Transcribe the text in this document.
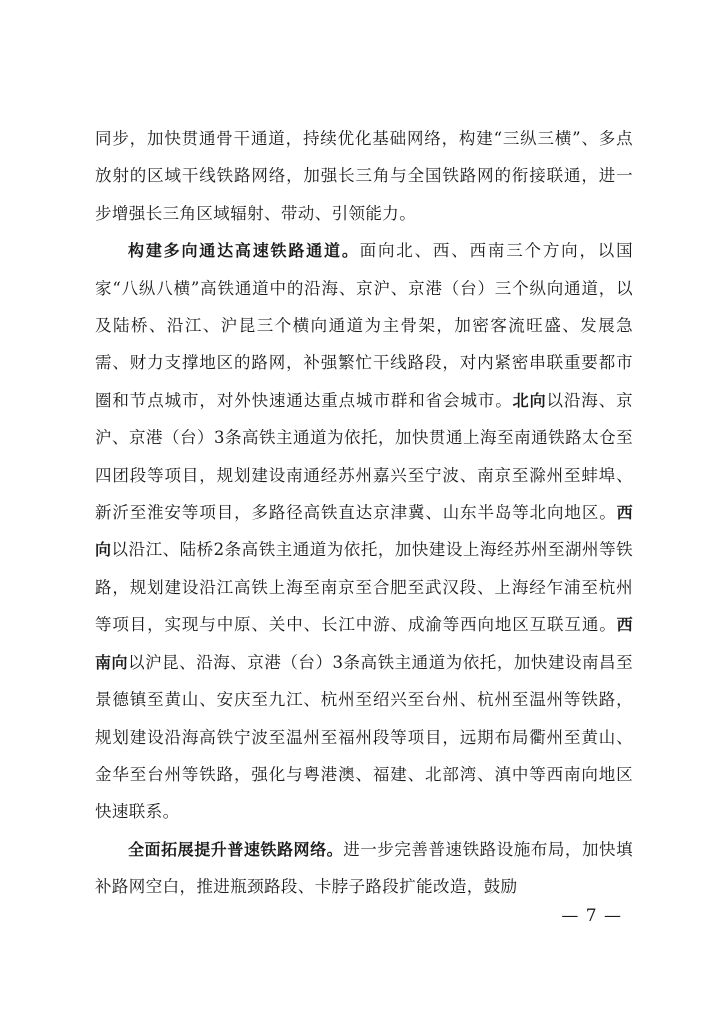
同步，加快贯通骨干通道，持续优化基础网络，构建“三纵三横”、多点放射的区域干线铁路网络，加强长三角与全国铁路网的衔接联通，进一步增强长三角区域辐射、带动、引领能力。

构建多向通达高速铁路通道。面向北、西、西南三个方向，以国家“八纵八横”高铁通道中的沿海、京沪、京港（台）三个纵向通道，以及陆桥、沿江、沪昆三个横向通道为主骨架，加密客流旺盛、发展急需、财力支撑地区的路网，补强繁忙干线路段，对内紧密串联重要都市圈和节点城市，对外快速通达重点城市群和省会城市。北向以沿海、京沪、京港（台）3条高铁主通道为依托，加快贯通上海至南通铁路太仓至四团段等项目，规划建设南通经苏州嘉兴至宁波、南京至滁州至蚌埠、新沂至淮安等项目，多路径高铁直达京津冀、山东半岛等北向地区。西向以沿江、陆桥2条高铁主通道为依托，加快建设上海经苏州至湖州等铁路，规划建设沿江高铁上海至南京至合肥至武汉段、上海经乍浦至杭州等项目，实现与中原、关中、长江中游、成渝等西向地区互联互通。西南向以沪昆、沿海、京港（台）3条高铁主通道为依托，加快建设南昌至景德镇至黄山、安庆至九江、杭州至绍兴至台州、杭州至温州等铁路，规划建设沿海高铁宁波至温州至福州段等项目，远期布局衢州至黄山、金华至台州等铁路，强化与粤港澳、福建、北部湾、滇中等西南向地区快速联系。

全面拓展提升普速铁路网络。进一步完善普速铁路设施布局，加快填补路网空白，推进瓶颈路段、卡脖子路段扩能改造，鼓励

— 7 —
